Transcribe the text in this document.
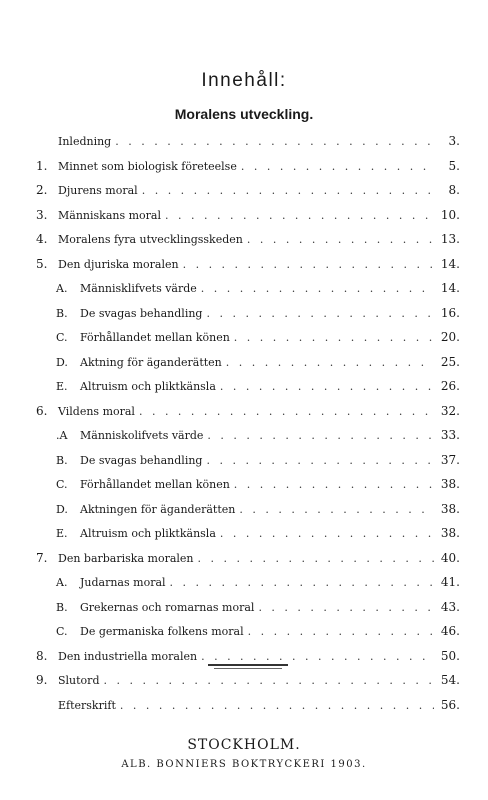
Innehåll:
Moralens utveckling.
Inledning . . .	3.
1. Minnet som biologisk företeelse . . .	5.
2. Djurens moral . . .	8.
3. Människans moral . . .	10.
4. Moralens fyra utvecklingsskeden . . .	13.
5. Den djuriska moralen . . .	14.
A.	Människlifvets värde . . .	14.
B.	De svagas behandling . . .	16.
C.	Förhållandet mellan könen . . .	20.
D.	Aktning för äganderätten . . .	25.
E.	Altruism och pliktkänsla . . .	26.
6. Vildens moral . . .	32.
.A	Människolifvets värde . . .	33.
B.	De svagas behandling . . .	37.
C.	Förhållandet mellan könen . . .	38.
D.	Aktningen för äganderätten . . .	38.
E.	Altruism och pliktkänsla . . .	38.
7. Den barbariska moralen . . .	40.
A.	Judarnas moral . . .	41.
B.	Grekernas och romarnas moral . . .	43.
C.	De germaniska folkens moral . . .	46.
8. Den industriella moralen . . .	50.
9. Slutord . . .	54.
Efterskrift . . .	56.
STOCKHOLM.
ALB. BONNIERS BOKTRYCKERI 1903.
